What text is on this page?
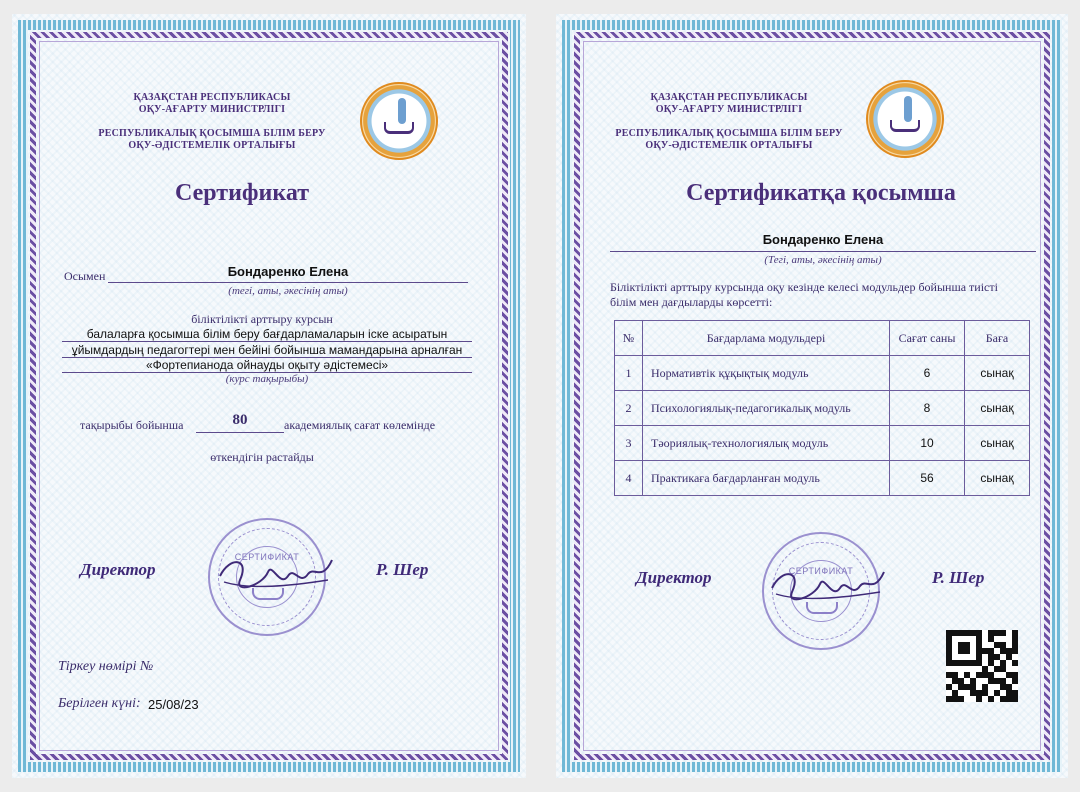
ҚАЗАҚСТАН РЕСПУБЛИКАСЫ
ОҚУ-АҒАРТУ МИНИСТРЛІГІ
РЕСПУБЛИКАЛЫҚ ҚОСЫМША БІЛІМ БЕРУ
ОҚУ-ӘДІСТЕМЕЛІК ОРТАЛЫҒЫ
Сертификат
Осымен	Бондаренко Елена
(тегі, аты, әкесінің аты)
біліктілікті арттыру курсын
балаларға қосымша білім беру бағдарламаларын іске асыратын
ұйымдардың педагогтері мен бейіні бойынша мамандарына арналған
«Фортепианода ойнауды оқыту әдістемесі»
(курс тақырыбы)
тақырыбы бойынша	80	академиялық сағат көлемінде
өткендігін растайды
СЕРТИФИКАТ
Директор	Р. Шер
Тіркеу нөмірі №
Берілген күні: 25/08/23
ҚАЗАҚСТАН РЕСПУБЛИКАСЫ
ОҚУ-АҒАРТУ МИНИСТРЛІГІ
РЕСПУБЛИКАЛЫҚ ҚОСЫМША БІЛІМ БЕРУ
ОҚУ-ӘДІСТЕМЕЛІК ОРТАЛЫҒЫ
Сертификатқа қосымша
Бондаренко Елена
(Тегі, аты, әкесінің аты)
Біліктілікті арттыру курсында оқу кезінде келесі модульдер бойынша тиісті
білім мен дағдыларды көрсетті:
№	Бағдарлама модульдері	Сағат саны	Баға
1	Нормативтік құқықтық модуль	6	сынақ
2	Психологиялық-педагогикалық модуль	8	сынақ
3	Тәориялық-технологиялық модуль	10	сынақ
4	Практикаға бағдарланған модуль	56	сынақ
СЕРТИФИКАТ
Директор	Р. Шер
